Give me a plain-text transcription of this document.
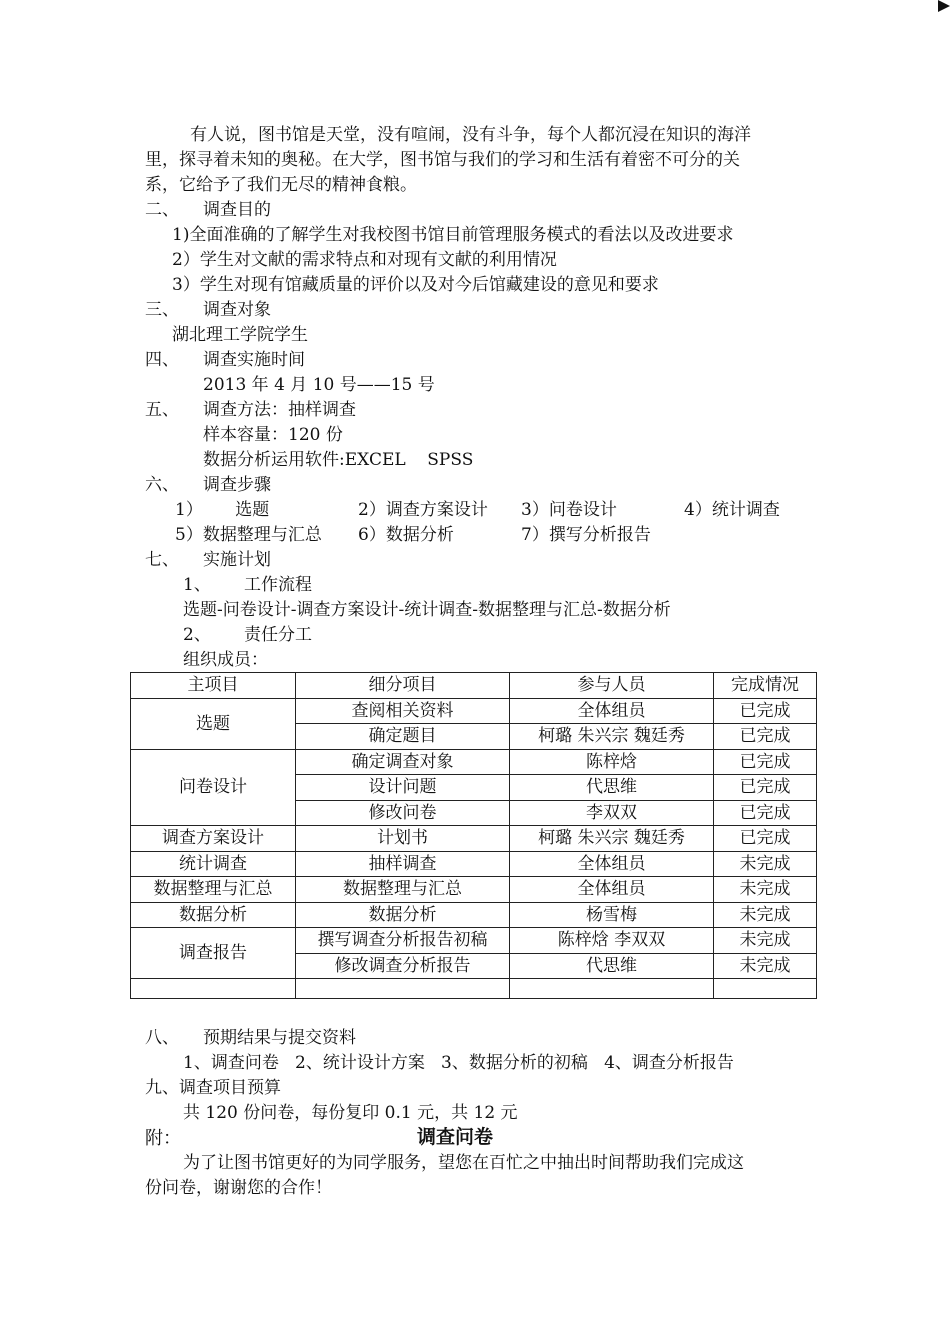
有人说，图书馆是天堂，没有喧闹，没有斗争，每个人都沉浸在知识的海洋
里，探寻着未知的奥秘。在大学，图书馆与我们的学习和生活有着密不可分的关
系，它给予了我们无尽的精神食粮。
二、 调查目的
1)全面准确的了解学生对我校图书馆目前管理服务模式的看法以及改进要求
2）学生对文献的需求特点和对现有文献的利用情况
3）学生对现有馆藏质量的评价以及对今后馆藏建设的意见和要求
三、 调查对象
湖北理工学院学生
四、 调查实施时间
2013 年 4 月 10 号——15 号
五、 调查方法：抽样调查
样本容量：120 份
数据分析运用软件:EXCEL    SPSS
六、 调查步骤
1）      选题	2）调查方案设计 3）问卷设计	4）统计调查
5）数据整理与汇总 6）数据分析	7）撰写分析报告
七、 实施计划
1、 工作流程
选题-问卷设计-调查方案设计-统计调查-数据整理与汇总-数据分析
2、 责任分工
组织成员：
主项目	细分项目	参与人员	完成情况
选题	查阅相关资料	全体组员	已完成
	确定题目	柯璐 朱兴宗 魏廷秀	已完成
问卷设计	确定调查对象	陈梓焓	已完成
	设计问题	代思维	已完成
	修改问卷	李双双	已完成
调查方案设计	计划书	柯璐 朱兴宗 魏廷秀	已完成
统计调查	抽样调查	全体组员	未完成
数据整理与汇总	数据整理与汇总	全体组员	未完成
数据分析	数据分析	杨雪梅	未完成
调查报告	撰写调查分析报告初稿	陈梓焓 李双双	未完成
	修改调查分析报告	代思维	未完成

八、 预期结果与提交资料
1、调查问卷   2、统计设计方案   3、数据分析的初稿   4、调查分析报告
九、调查项目预算
共 120 份问卷，每份复印 0.1 元，共 12 元
附：	调查问卷
为了让图书馆更好的为同学服务，望您在百忙之中抽出时间帮助我们完成这
份问卷，谢谢您的合作！
